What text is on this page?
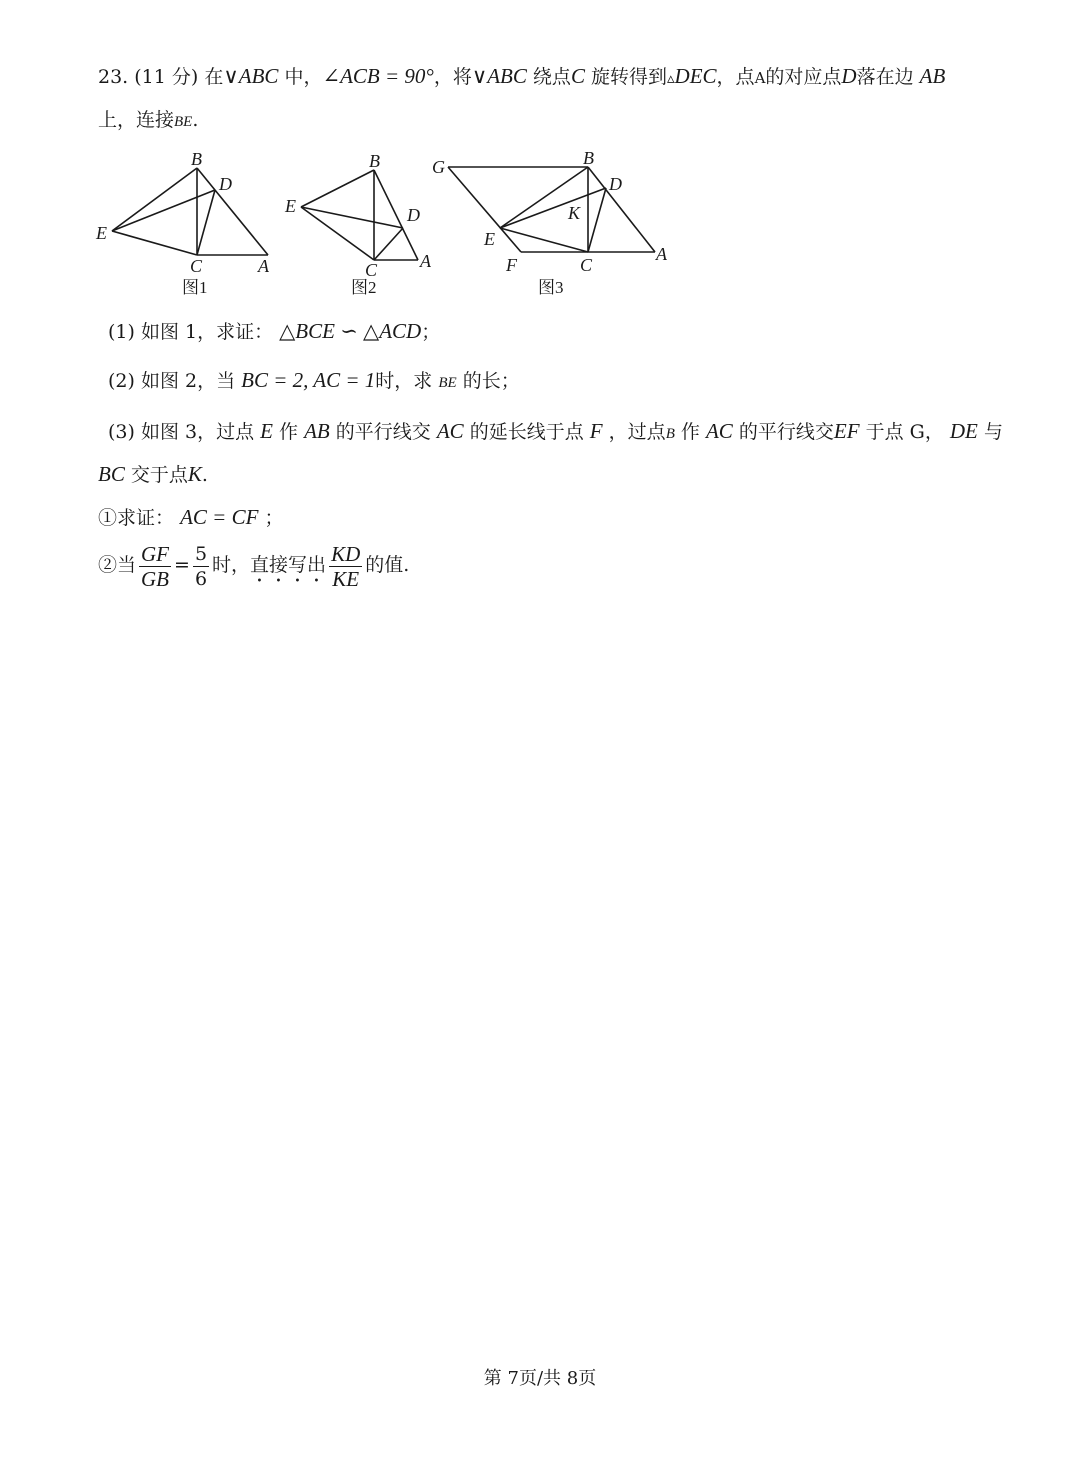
23. (11 分) 在∨ABC 中，∠ACB = 90°，将∨ABC 绕点C 旋转得到▵DEC，点A的对应点D落在边 AB
上，连接BE.
B
D
E
C	A
图1
B
D
E
C A
图2
G	B
D
K
E
F	C
A
图3
(1) 如图 1，求证： △BCE ∽ △ACD；
(2) 如图 2，当 BC = 2, AC = 1时，求 BE 的长；
(3) 如图 3，过点 E 作 AB 的平行线交 AC 的延长线于点 F ，过点B 作 AC 的平行线交EF 于点 G， DE 与
BC 交于点K.
①求证： AC = CF ；
②当 $\frac{GF}{GB} = \frac{5}{6}$ 时，直接写出 $\frac{KD}{KE}$ 的值.
第 7页/共 8页
